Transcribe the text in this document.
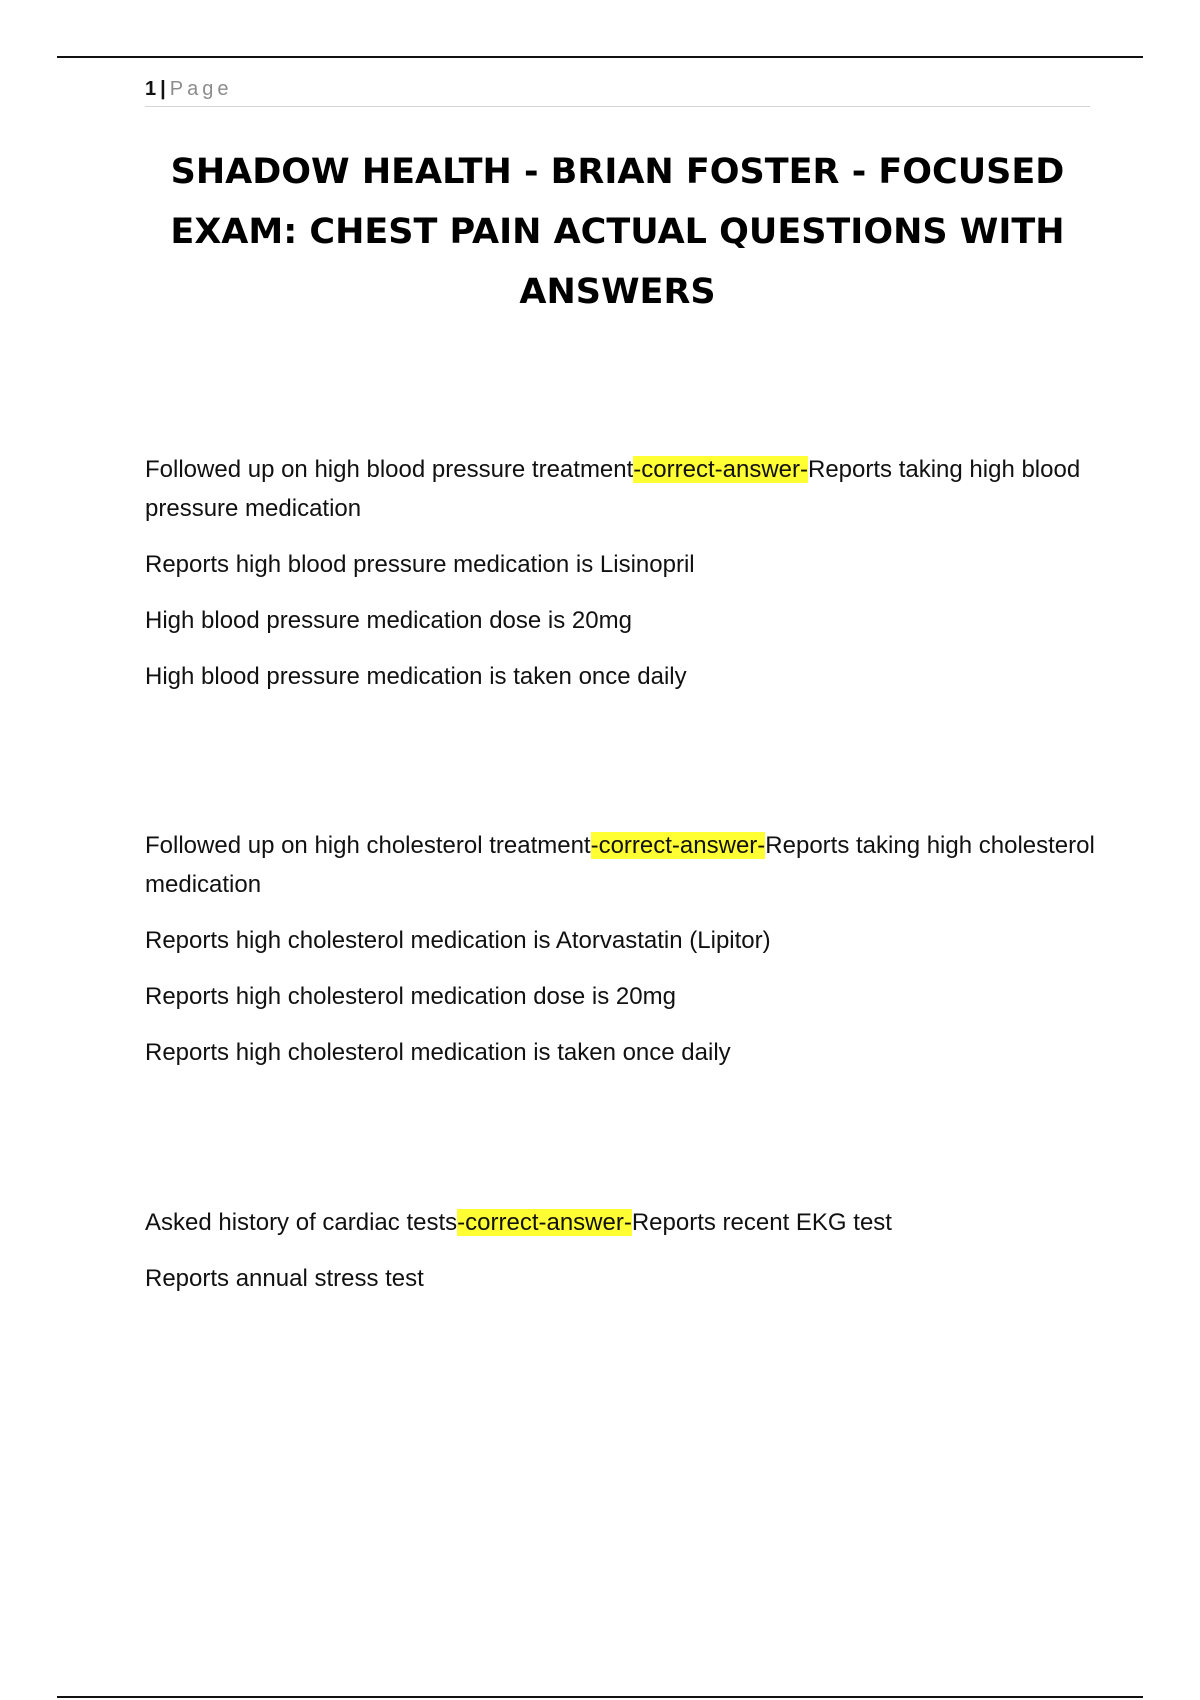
1 | Page
SHADOW HEALTH - BRIAN FOSTER - FOCUSED EXAM: CHEST PAIN ACTUAL QUESTIONS WITH ANSWERS

Followed up on high blood pressure treatment-correct-answer-Reports taking high blood pressure medication

Reports high blood pressure medication is Lisinopril

High blood pressure medication dose is 20mg

High blood pressure medication is taken once daily

Followed up on high cholesterol treatment-correct-answer-Reports taking high cholesterol medication

Reports high cholesterol medication is Atorvastatin (Lipitor)

Reports high cholesterol medication dose is 20mg

Reports high cholesterol medication is taken once daily

Asked history of cardiac tests-correct-answer-Reports recent EKG test

Reports annual stress test
